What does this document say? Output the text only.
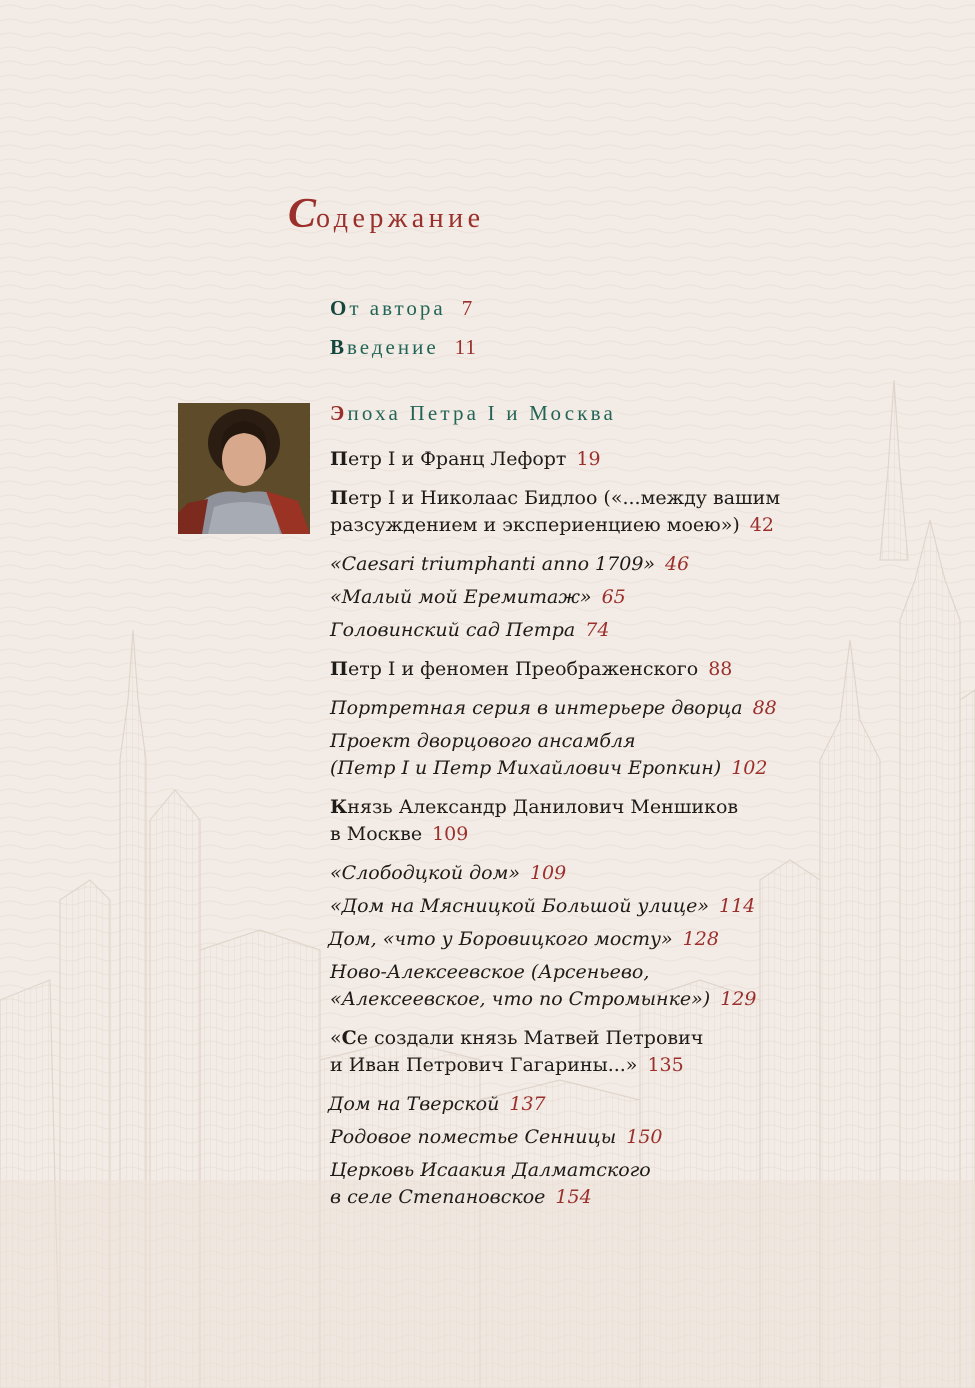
Содержание
От автора 7
Введение 11
Эпоха Петра I и Москва
Петр I и Франц Лефорт 19
Петр I и Николаас Бидлоо («...между вашим
разсуждением и экспериенциею моею») 42
«Caesari triumphanti anno 1709» 46
«Малый мой Еремитаж» 65
Головинский сад Петра 74
Петр I и феномен Преображенского 88
Портретная серия в интерьере дворца 88
Проект дворцового ансамбля
(Петр I и Петр Михайлович Еропкин) 102
Князь Александр Данилович Меншиков
в Москве 109
«Слободцкой дом» 109
«Дом на Мясницкой Большой улице» 114
Дом, «что у Боровицкого мосту» 128
Ново-Алексеевское (Арсеньево,
«Алексеевское, что по Стромынке») 129
«Се создали князь Матвей Петрович
и Иван Петрович Гагарины...» 135
Дом на Тверской 137
Родовое поместье Сенницы 150
Церковь Исаакия Далматского
в селе Степановское 154
